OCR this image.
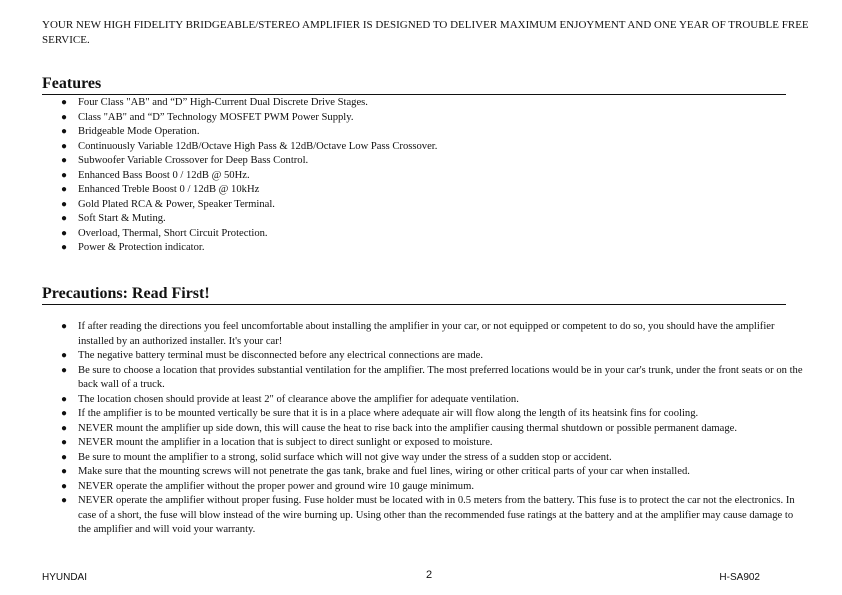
YOUR NEW HIGH FIDELITY BRIDGEABLE/STEREO AMPLIFIER IS DESIGNED TO DELIVER MAXIMUM ENJOYMENT AND ONE YEAR OF TROUBLE FREE SERVICE.

Features
● Four Class "AB" and “D” High-Current Dual Discrete Drive Stages.
● Class "AB" and “D” Technology MOSFET PWM Power Supply.
● Bridgeable Mode Operation.
● Continuously Variable 12dB/Octave High Pass & 12dB/Octave Low Pass Crossover.
● Subwoofer Variable Crossover for Deep Bass Control.
● Enhanced Bass Boost 0 / 12dB @ 50Hz.
● Enhanced Treble Boost 0 / 12dB @ 10kHz
● Gold Plated RCA & Power, Speaker Terminal.
● Soft Start & Muting.
● Overload, Thermal, Short Circuit Protection.
● Power & Protection indicator.
Precautions: Read First!
● If after reading the directions you feel uncomfortable about installing the amplifier in your car, or not equipped or competent to do so, you should have the amplifier installed by an authorized installer. It's your car!
● The negative battery terminal must be disconnected before any electrical connections are made.
● Be sure to choose a location that provides substantial ventilation for the amplifier. The most preferred locations would be in your car's trunk, under the front seats or on the back wall of a truck.
● The location chosen should provide at least 2" of clearance above the amplifier for adequate ventilation.
● If the amplifier is to be mounted vertically be sure that it is in a place where adequate air will flow along the length of its heatsink fins for cooling.
● NEVER mount the amplifier up side down, this will cause the heat to rise back into the amplifier causing thermal shutdown or possible permanent damage.
● NEVER mount the amplifier in a location that is subject to direct sunlight or exposed to moisture.
● Be sure to mount the amplifier to a strong, solid surface which will not give way under the stress of a sudden stop or accident.
● Make sure that the mounting screws will not penetrate the gas tank, brake and fuel lines, wiring or other critical parts of your car when installed.
● NEVER operate the amplifier without the proper power and ground wire 10 gauge minimum.
● NEVER operate the amplifier without proper fusing. Fuse holder must be located with in 0.5 meters from the battery. This fuse is to protect the car not the electronics. In case of a short, the fuse will blow instead of the wire burning up. Using other than the recommended fuse ratings at the battery and at the amplifier may cause damage to the amplifier and will void your warranty.
HYUNDAI	2	H-SA902
